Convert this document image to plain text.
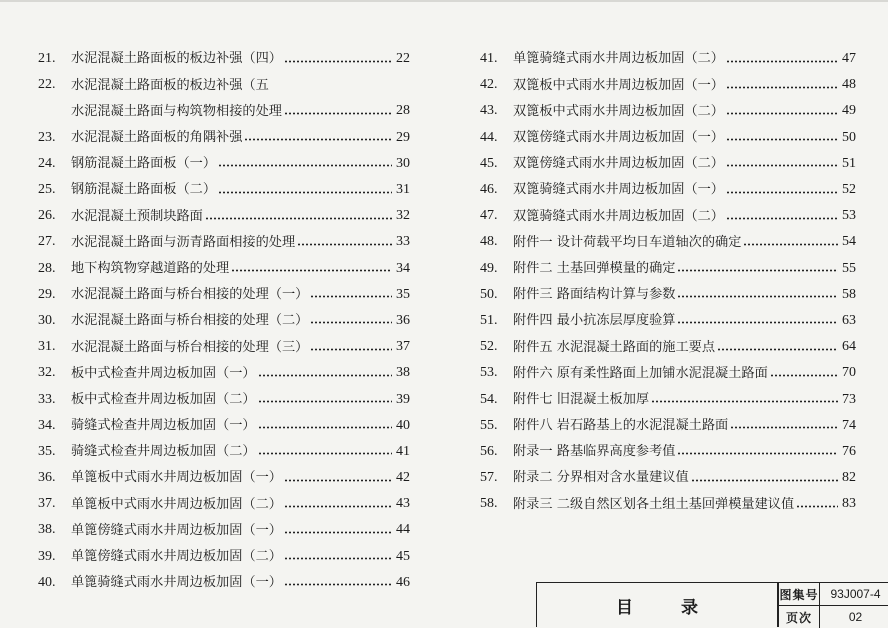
21.	水泥混凝土路面板的板边补强（四）	22
22.	水泥混凝土路面板的板边补强（五
水泥混凝土路面与构筑物相接的处理	28
23.	水泥混凝土路面板的角隅补强	29
24.	钢筋混凝土路面板（一）	30
25.	钢筋混凝土路面板（二）	31
26.	水泥混凝土预制块路面	32
27.	水泥混凝土路面与沥青路面相接的处理	33
28.	地下构筑物穿越道路的处理	34
29.	水泥混凝土路面与桥台相接的处理（一）	35
30.	水泥混凝土路面与桥台相接的处理（二）	36
31.	水泥混凝土路面与桥台相接的处理（三）	37
32.	板中式检查井周边板加固（一）	38
33.	板中式检查井周边板加固（二）	39
34.	骑缝式检查井周边板加固（一）	40
35.	骑缝式检查井周边板加固（二）	41
36.	单篦板中式雨水井周边板加固（一）	42
37.	单篦板中式雨水井周边板加固（二）	43
38.	单篦傍缝式雨水井周边板加固（一）	44
39.	单篦傍缝式雨水井周边板加固（二）	45
40.	单篦骑缝式雨水井周边板加固（一）	46
41.	单篦骑缝式雨水井周边板加固（二）	47
42.	双篦板中式雨水井周边板加固（一）	48
43.	双篦板中式雨水井周边板加固（二）	49
44.	双篦傍缝式雨水井周边板加固（一）	50
45.	双篦傍缝式雨水井周边板加固（二）	51
46.	双篦骑缝式雨水井周边板加固（一）	52
47.	双篦骑缝式雨水井周边板加固（二）	53
48.	附件一 设计荷载平均日车道轴次的确定	54
49.	附件二 土基回弹模量的确定	55
50.	附件三 路面结构计算与参数	58
51.	附件四 最小抗冻层厚度验算	63
52.	附件五 水泥混凝土路面的施工要点	64
53.	附件六 原有柔性路面上加铺水泥混凝土路面	70
54.	附件七 旧混凝土板加厚	73
55.	附件八 岩石路基上的水泥混凝土路面	74
56.	附录一 路基临界高度参考值	76
57.	附录二 分界相对含水量建议值	82
58.	附录三 二级自然区划各土组土基回弹模量建议值	83
目录
图集号 93J007-4
页次	02
